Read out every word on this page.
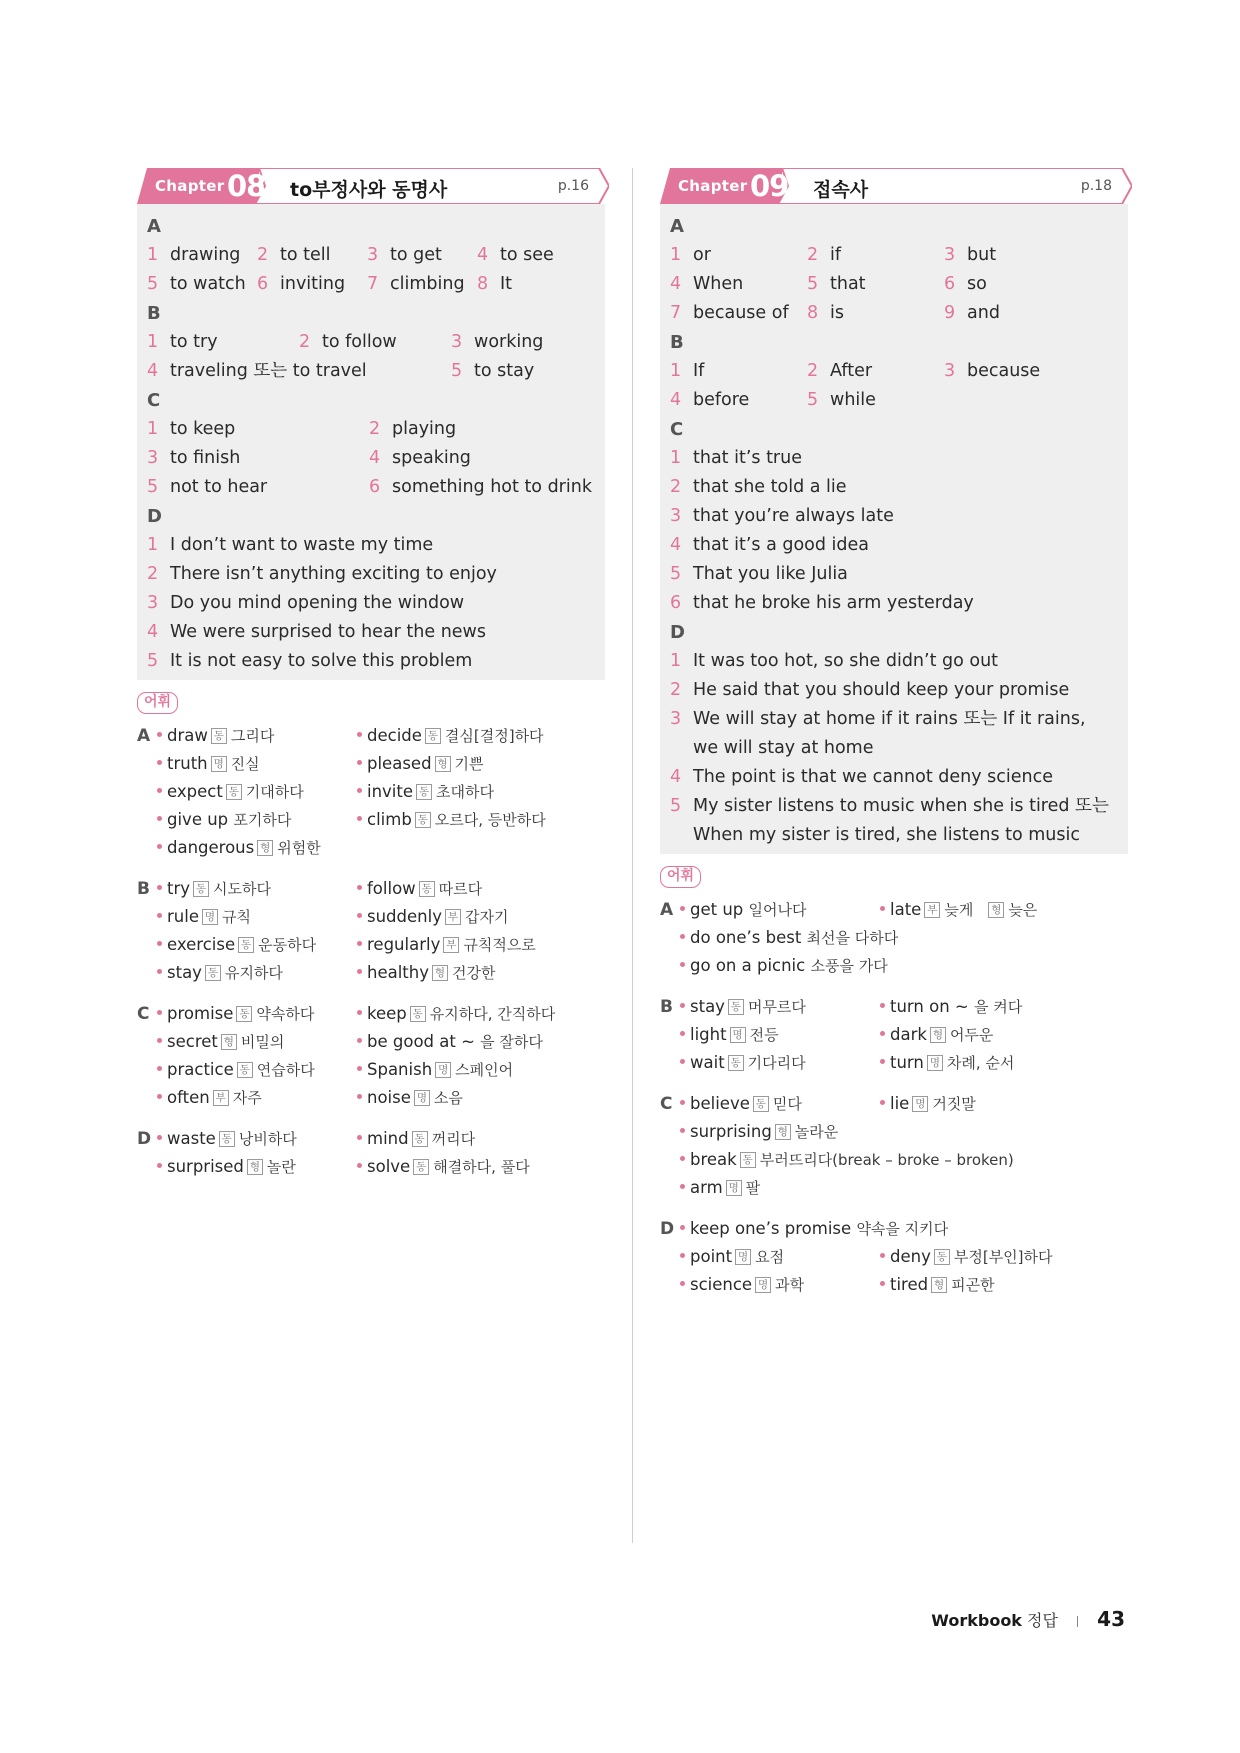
Chapter 08 to부정사와 동명사	p.16
A
1 drawing 2 to tell 3 to get 4 to see
5 to watch 6 inviting 7 climbing 8 It
B
1 to try	2 to follow	3 working
4 traveling 또는 to travel	5 to stay
C
1 to keep	2 playing
3 to finish	4 speaking
5 not to hear	6 something hot to drink
D
1 I don’t want to waste my time
2 There isn’t anything exciting to enjoy
3 Do you mind opening the window
4 We were surprised to hear the news
5 It is not easy to solve this problem
어휘
A	draw 동 그리다	decide 동 결심[결정]하다
truth 명 진실	pleased 형 기쁜
expect 동 기대하다	invite 동 초대하다
give up 포기하다	climb 동 오르다, 등반하다
dangerous 형 위험한
B	try 동 시도하다	follow 동 따르다
rule 명 규칙	suddenly 부 갑자기
exercise 동 운동하다	regularly 부 규칙적으로
stay 동 유지하다	healthy 형 건강한
C	promise 동 약속하다	keep 동 유지하다, 간직하다
secret 형 비밀의	be good at ~ 을 잘하다
practice 동 연습하다	Spanish 명 스페인어
often 부 자주	noise 명 소음
D waste 동 낭비하다	mind 동 꺼리다
surprised 형 놀란	solve 동 해결하다, 풀다
Chapter 09 접속사	p.18
A
1 or	2 if	3 but
4 When	5 that	6 so
7 because of 8 is	9 and
B
1 If	2 After	3 because
4 before	5 while
C
1 that it’s true
2 that she told a lie
3 that you’re always late
4 that it’s a good idea
5 That you like Julia
6 that he broke his arm yesterday
D
1 It was too hot, so she didn’t go out
2 He said that you should keep your promise
3 We will stay at home if it rains 또는 If it rains,
we will stay at home
4 The point is that we cannot deny science
5 My sister listens to music when she is tired 또는
When my sister is tired, she listens to music
어휘
A	get up 일어나다	late 부 늦게 형 늦은
do one’s best 최선을 다하다
go on a picnic 소풍을 가다
B	stay 동 머무르다	turn on ~ 을 켜다
light 명 전등	dark 형 어두운
wait 동 기다리다	turn 명 차례, 순서
C	believe 동 믿다	lie 명 거짓말
surprising 형 놀라운
break 동 부러뜨리다(break – broke – broken)
arm 명 팔
D keep one’s promise 약속을 지키다
point 명 요점	deny 동 부정[부인]하다
science 명 과학	tired 형 피곤한
Workbook 정답 43
